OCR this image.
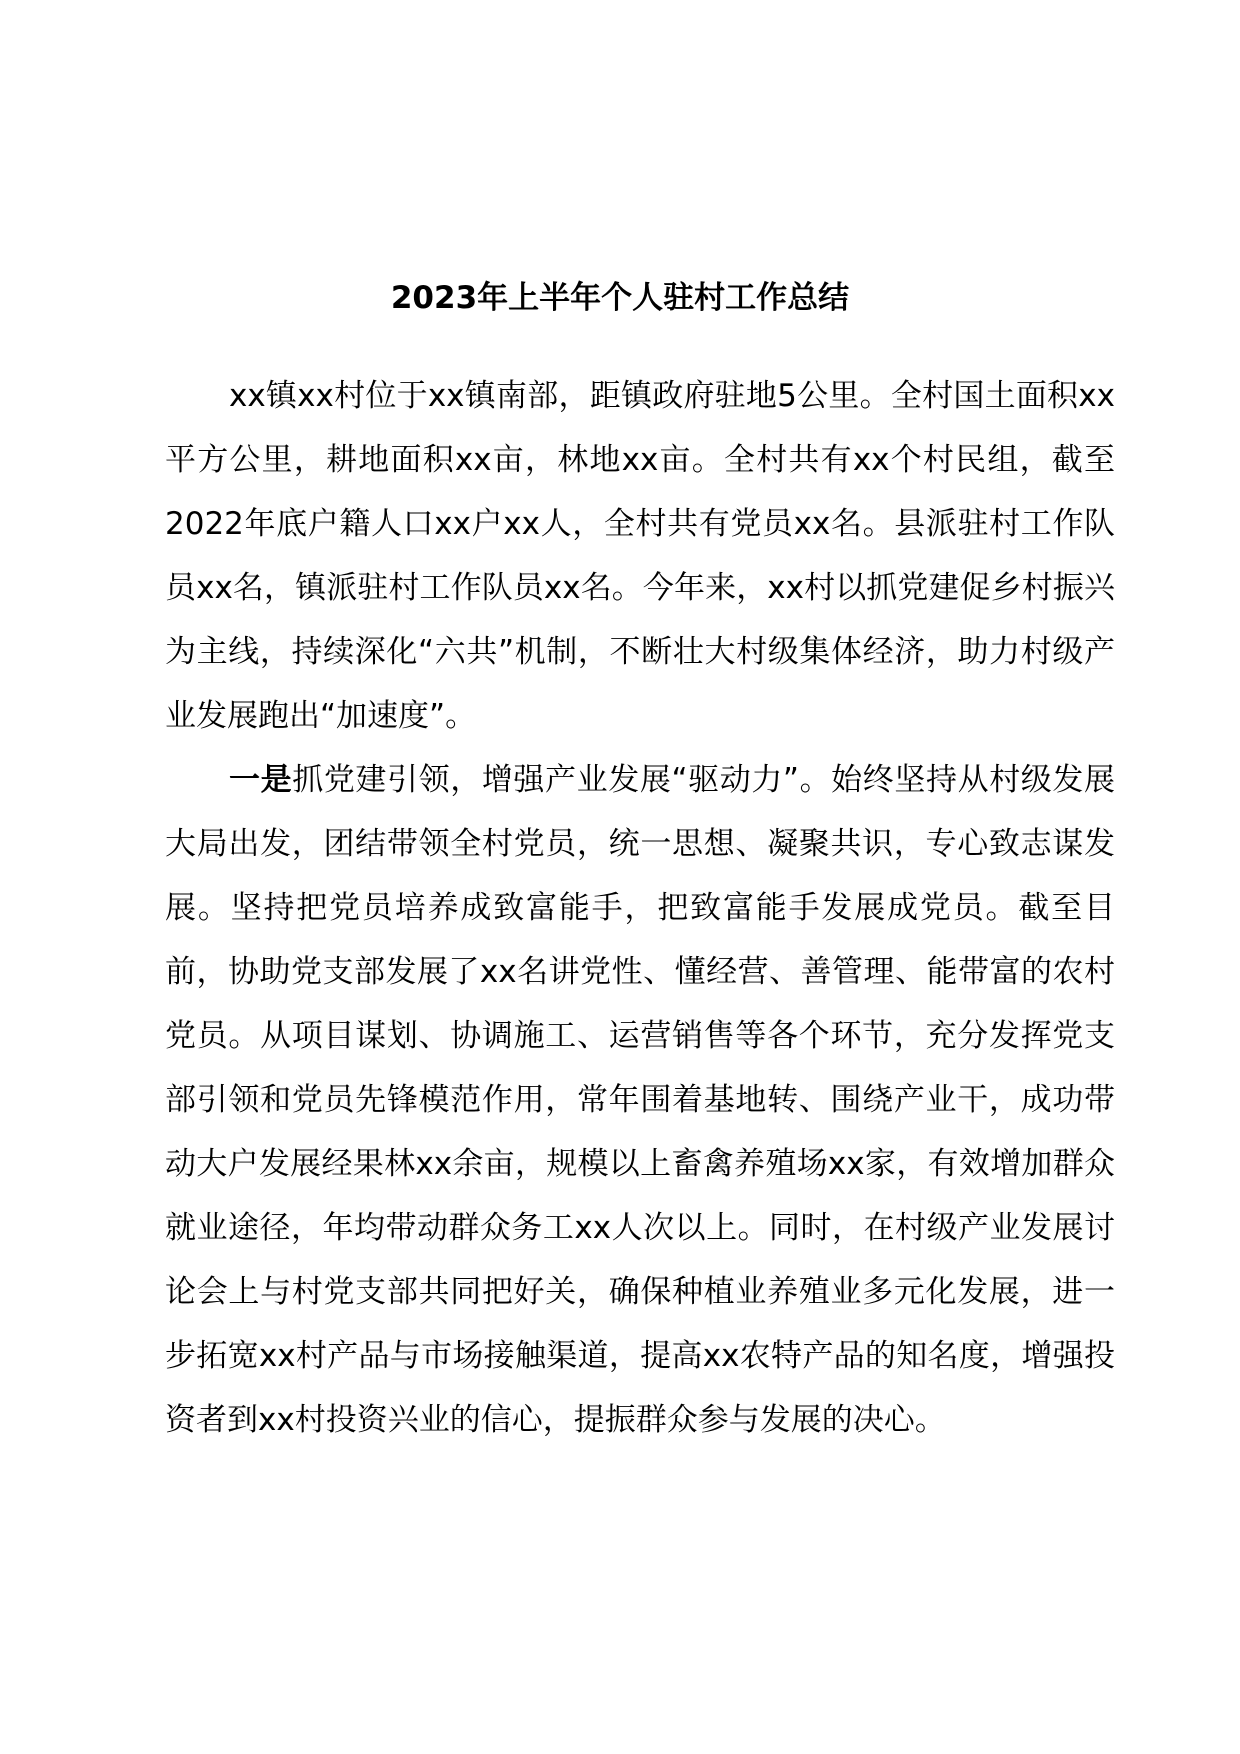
2023年上半年个人驻村工作总结

xx镇xx村位于xx镇南部，距镇政府驻地5公里。全村国土面积xx平方公里，耕地面积xx亩，林地xx亩。全村共有xx个村民组，截至2022年底户籍人口xx户xx人，全村共有党员xx名。县派驻村工作队员xx名，镇派驻村工作队员xx名。今年来，xx村以抓党建促乡村振兴为主线，持续深化“六共”机制，不断壮大村级集体经济，助力村级产业发展跑出“加速度”。

一是抓党建引领，增强产业发展“驱动力”。始终坚持从村级发展大局出发，团结带领全村党员，统一思想、凝聚共识，专心致志谋发展。坚持把党员培养成致富能手，把致富能手发展成党员。截至目前，协助党支部发展了xx名讲党性、懂经营、善管理、能带富的农村党员。从项目谋划、协调施工、运营销售等各个环节，充分发挥党支部引领和党员先锋模范作用，常年围着基地转、围绕产业干，成功带动大户发展经果林xx余亩，规模以上畜禽养殖场xx家，有效增加群众就业途径，年均带动群众务工xx人次以上。同时，在村级产业发展讨论会上与村党支部共同把好关，确保种植业养殖业多元化发展，进一步拓宽xx村产品与市场接触渠道，提高xx农特产品的知名度，增强投资者到xx村投资兴业的信心，提振群众参与发展的决心。
